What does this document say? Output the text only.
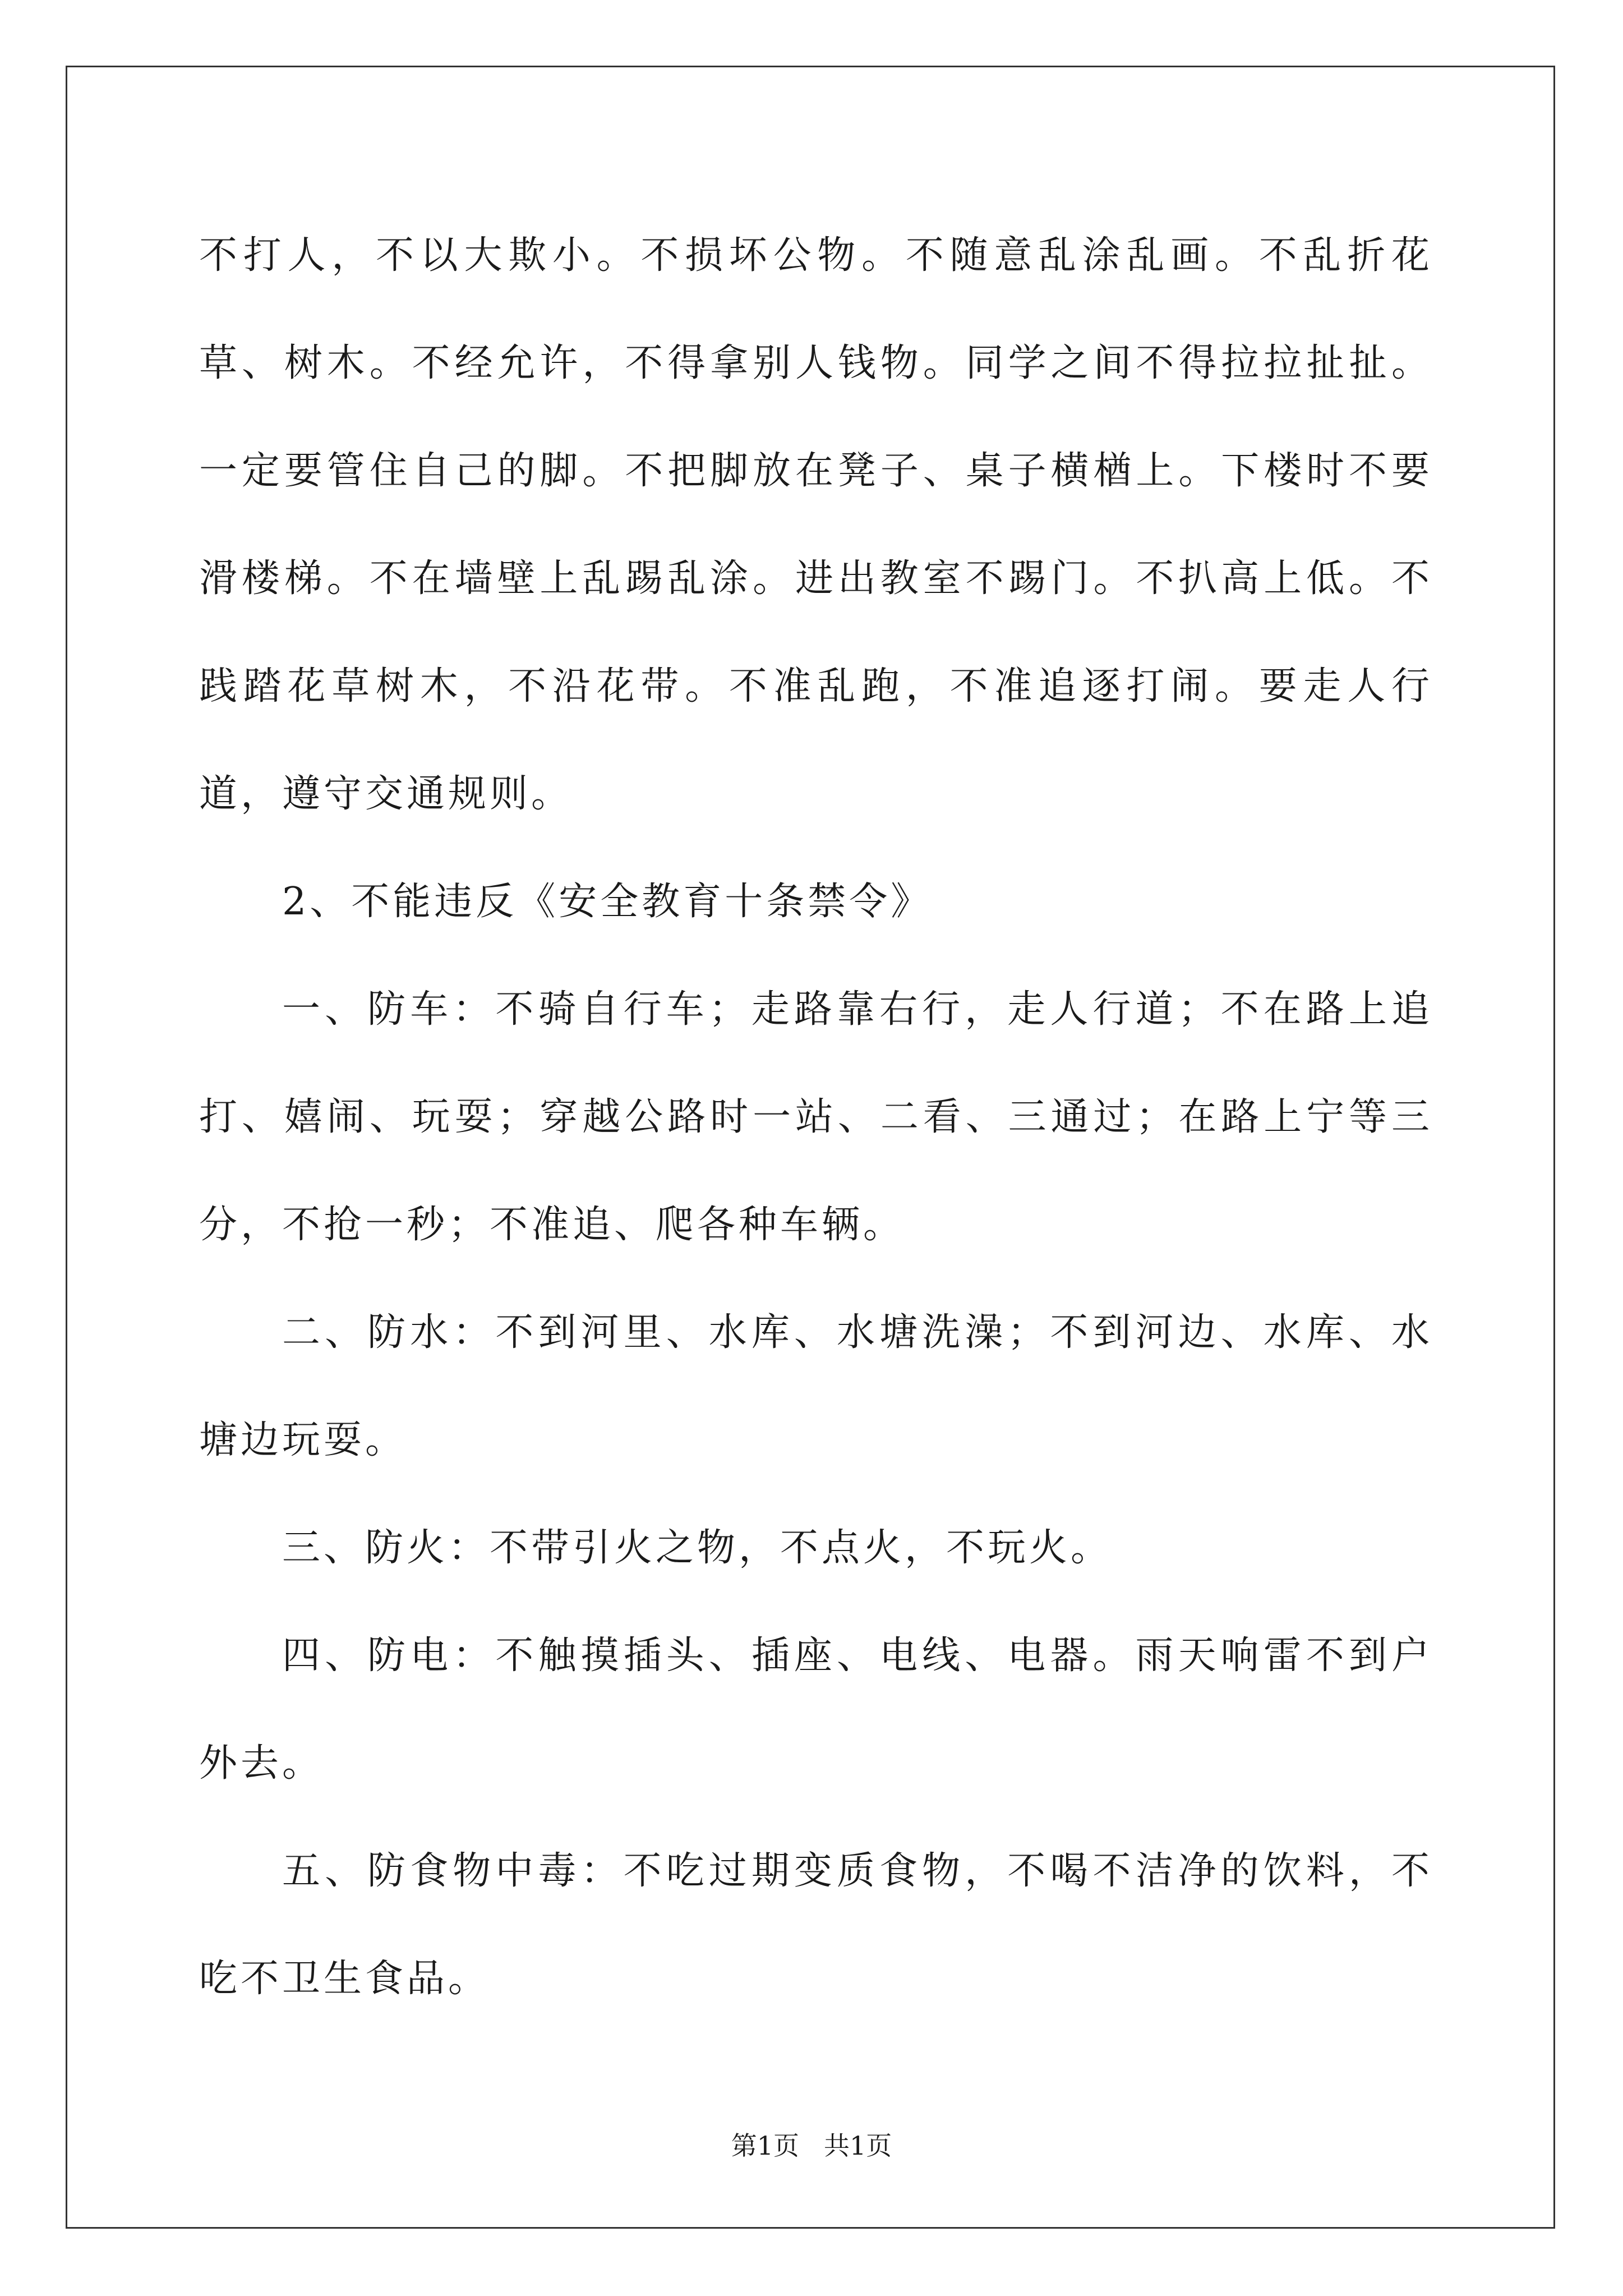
不打人，不以大欺小。不损坏公物。不随意乱涂乱画。不乱折花草、树木。不经允许，不得拿别人钱物。同学之间不得拉拉扯扯。一定要管住自己的脚。不把脚放在凳子、桌子横楢上。下楼时不要滑楼梯。不在墙壁上乱踢乱涂。进出教室不踢门。不扒高上低。不践踏花草树木，不沿花带。不准乱跑，不准追逐打闹。要走人行道，遵守交通规则。

2、不能违反《安全教育十条禁令》

一、防车：不骑自行车；走路靠右行，走人行道；不在路上追打、嬉闹、玩耍；穿越公路时一站、二看、三通过；在路上宁等三分，不抢一秒；不准追、爬各种车辆。

二、防水：不到河里、水库、水塘洗澡；不到河边、水库、水塘边玩耍。

三、防火：不带引火之物，不点火，不玩火。

四、防电：不触摸插头、插座、电线、电器。雨天响雷不到户外去。

五、防食物中毒：不吃过期变质食物，不喝不洁净的饮料，不吃不卫生食品。

第1页 共1页
